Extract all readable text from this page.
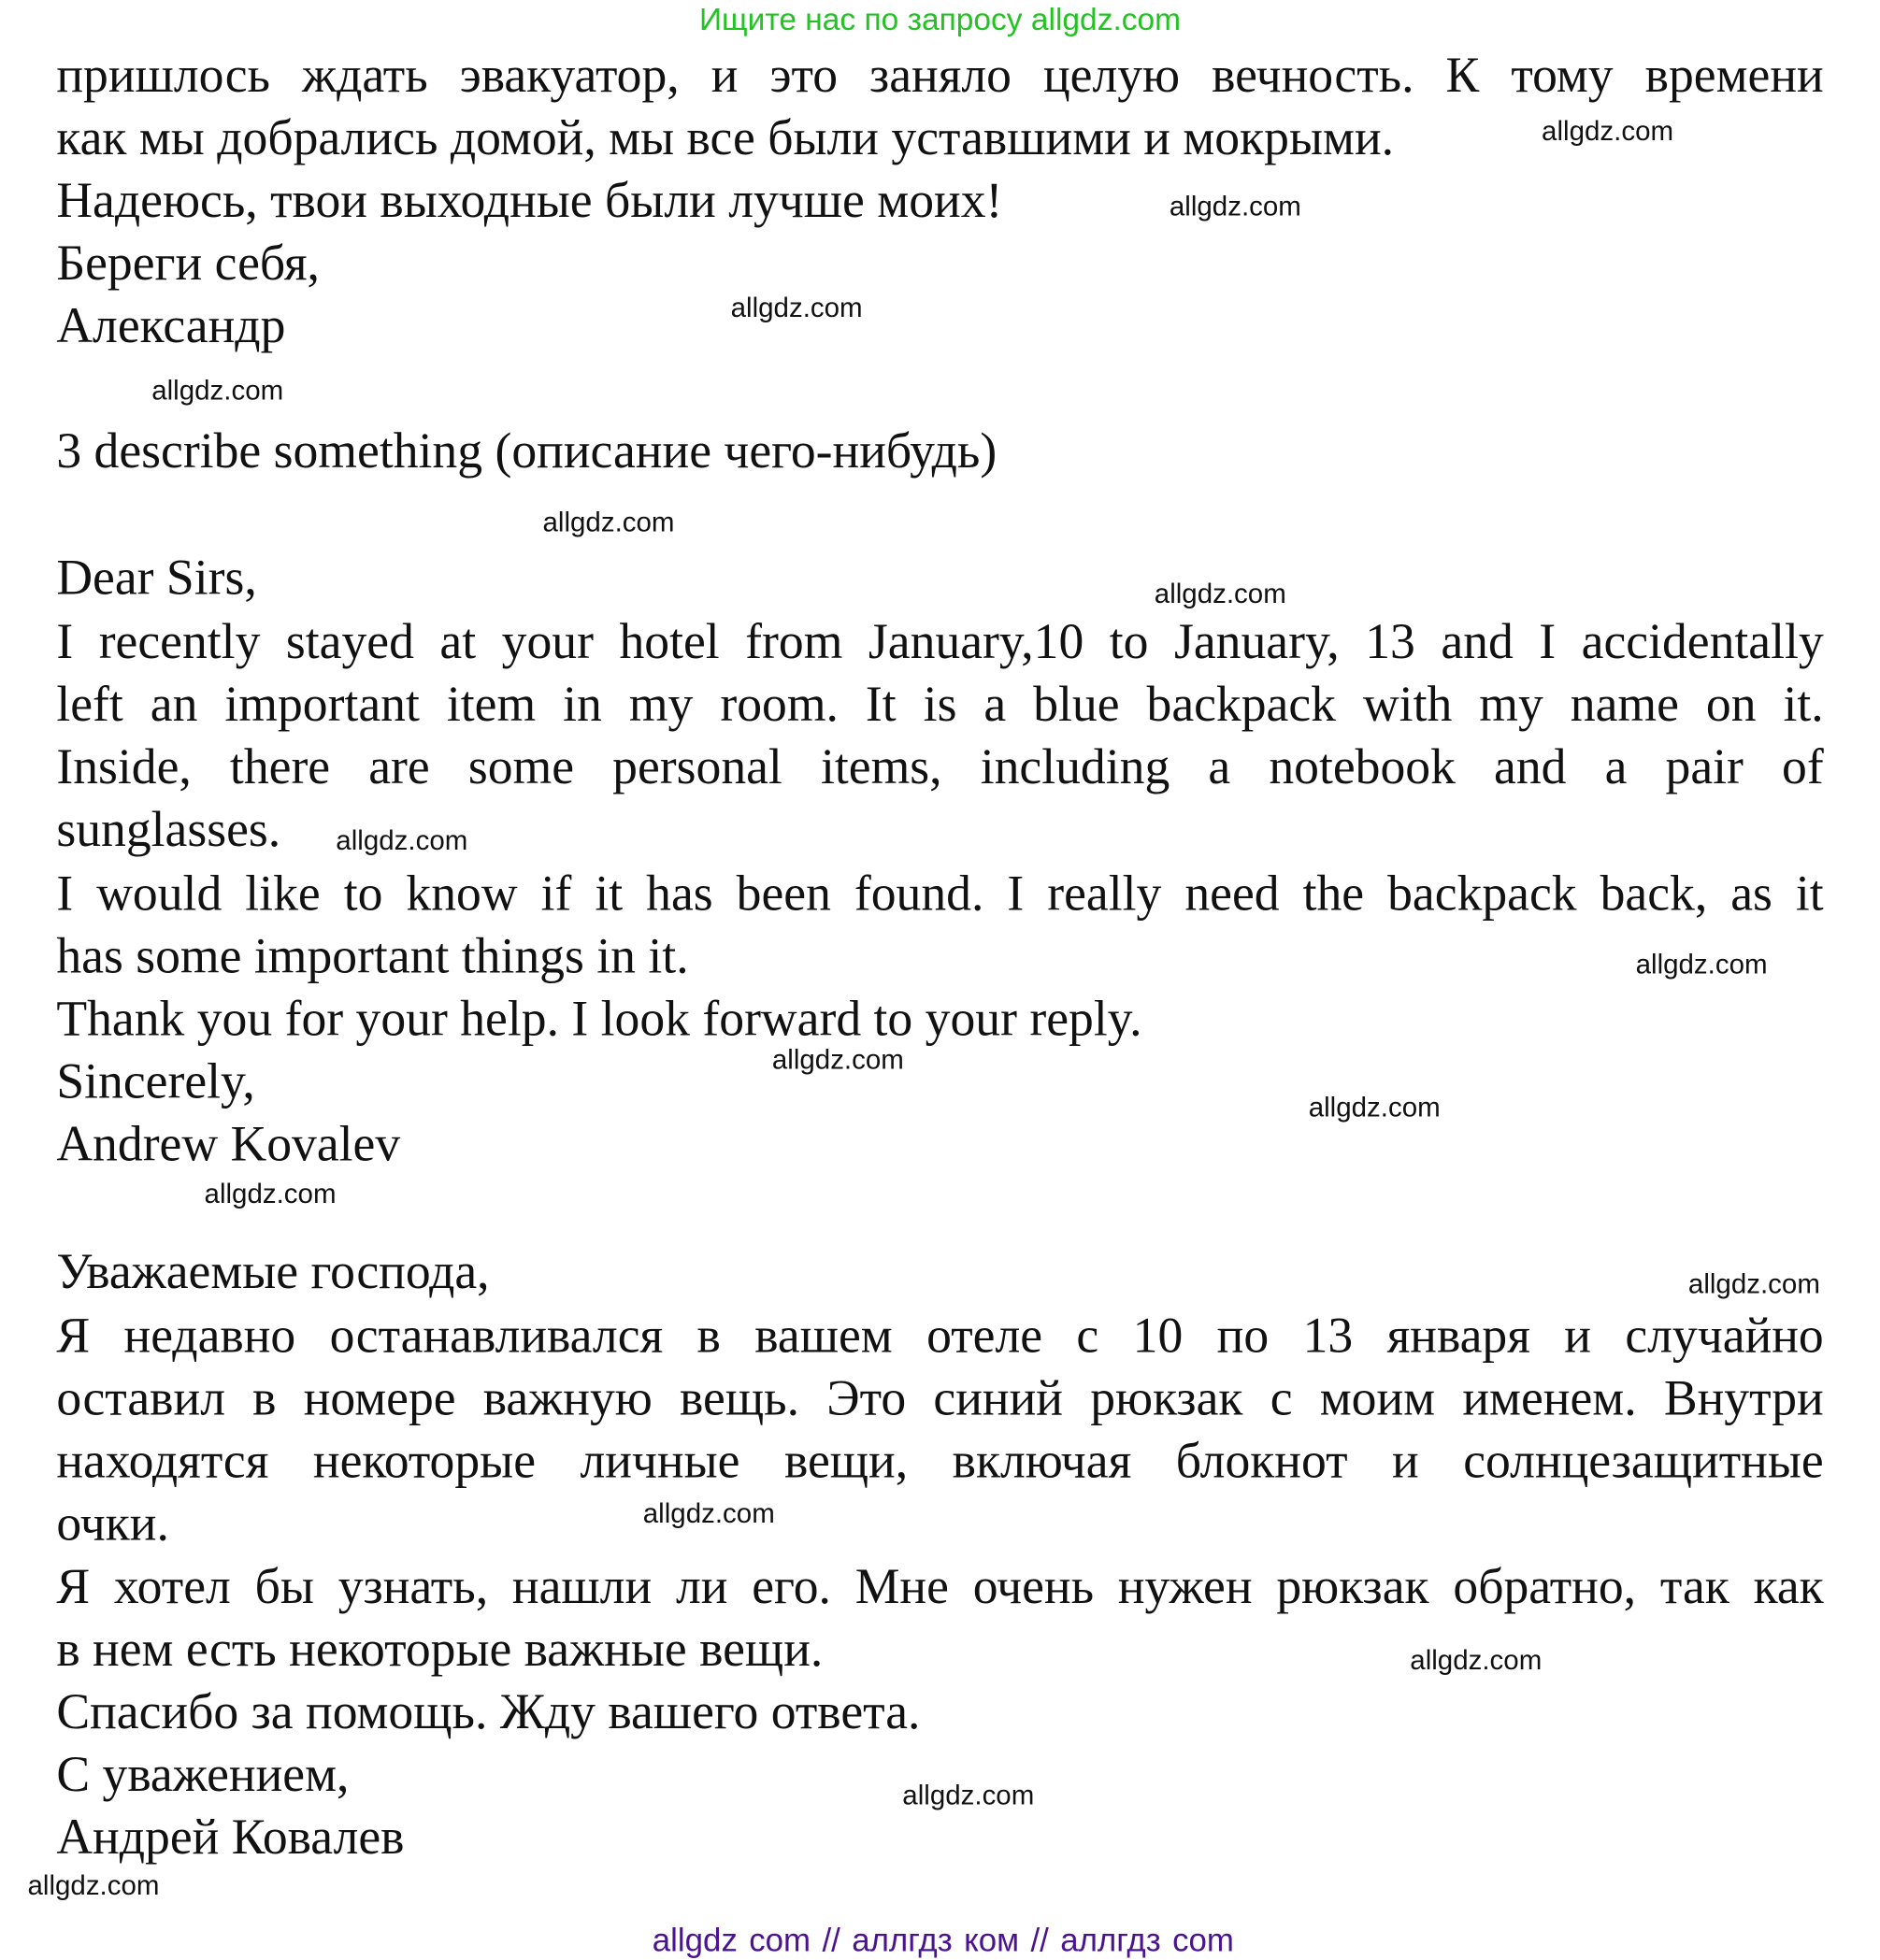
Ищите нас по запросу allgdz.com
пришлось ждать эвакуатор, и это заняло целую вечность. К тому времени
как мы добрались домой, мы все были уставшими и мокрыми.
Надеюсь, твои выходные были лучше моих!
Береги себя,
Александр
3 describe something (описание чего-нибудь)
Dear Sirs,
I recently stayed at your hotel from January,10 to January, 13 and I accidentally
left an important item in my room. It is a blue backpack with my name on it.
Inside, there are some personal items, including a notebook and a pair of
sunglasses.
I would like to know if it has been found. I really need the backpack back, as it
has some important things in it.
Thank you for your help. I look forward to your reply.
Sincerely,
Andrew Kovalev
Уважаемые господа,
Я недавно останавливался в вашем отеле с 10 по 13 января и случайно
оставил в номере важную вещь. Это синий рюкзак с моим именем. Внутри
находятся некоторые личные вещи, включая блокнот и солнцезащитные
очки.
Я хотел бы узнать, нашли ли его. Мне очень нужен рюкзак обратно, так как
в нем есть некоторые важные вещи.
Спасибо за помощь. Жду вашего ответа.
С уважением,
Андрей Ковалев
allgdz.com
allgdz.com
allgdz.com
allgdz.com
allgdz.com
allgdz.com
allgdz.com
allgdz.com
allgdz.com
allgdz.com
allgdz.com
allgdz.com
allgdz.com
allgdz.com
allgdz.com
allgdz.com
allgdz com // аллгдз ком // аллгдз com
